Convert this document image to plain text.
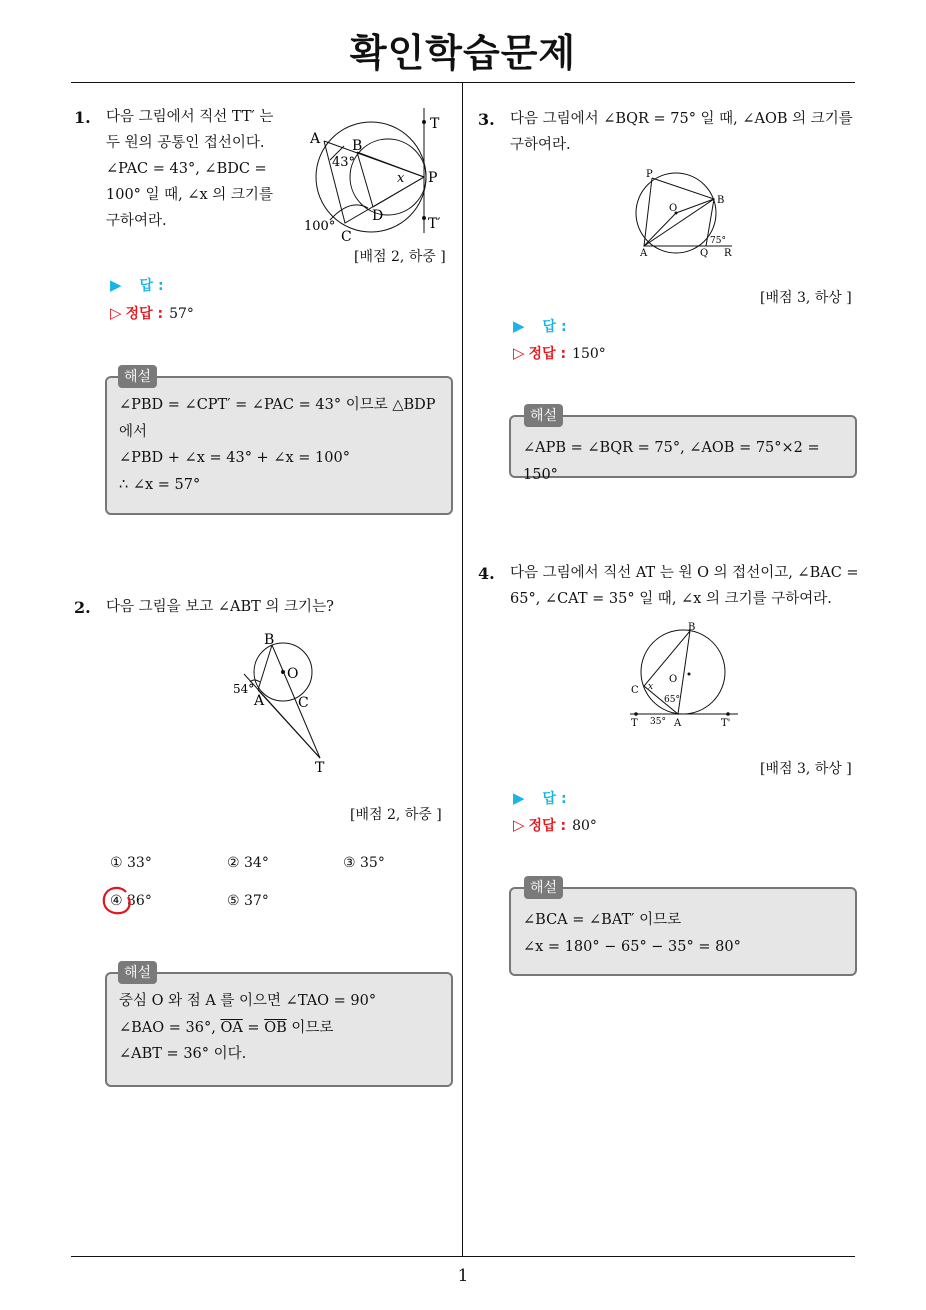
확인학습문제
1
1. 다음 그림에서 직선 TT′ 는
두 원의 공통인 접선이다.
∠PAC = 43°, ∠BDC =
100° 일 때, ∠x 의 크기를
구하여라.
A B
T
P
D
C
T′
43°
100°
x
[배점 2, 하중 ]
▶ 답 :
▷ 정답 : 57°
∠PBD = ∠CPT′ = ∠PAC = 43° 이므로 △BDP
에서
∠PBD + ∠x = 43° + ∠x = 100°
∴ ∠x = 57°
해설
2. 다음 그림을 보고 ∠ABT 의 크기는?
B
O
A C
T
54°
[배점 2, 하중 ]
① 33°	② 34°	③ 35°
④ 36°	⑤ 37°
중심 O 와 점 A 를 이으면 ∠TAO = 90°
∠BAO = 36°, $\overline{OA} = \overline{OB}$ 이므로
∠ABT = 36° 이다.
해설
3. 다음 그림에서 ∠BQR = 75° 일 때, ∠AOB 의 크기를
구하여라.
P
B
O
A	Q R
75°
[배점 3, 하상 ]
▶ 답 :
▷ 정답 : 150°
∠APB = ∠BQR = 75°, ∠AOB = 75°×2 = 150°
해설
4. 다음 그림에서 직선 AT 는 원 O 의 접선이고, ∠BAC =
65°, ∠CAT = 35° 일 때, ∠x 의 크기를 구하여라.
B
O
C x
65°
T 35° A	T'
[배점 3, 하상 ]
▶ 답 :
▷ 정답 : 80°
∠BCA = ∠BAT′ 이므로
∠x = 180° − 65° − 35° = 80°
해설
